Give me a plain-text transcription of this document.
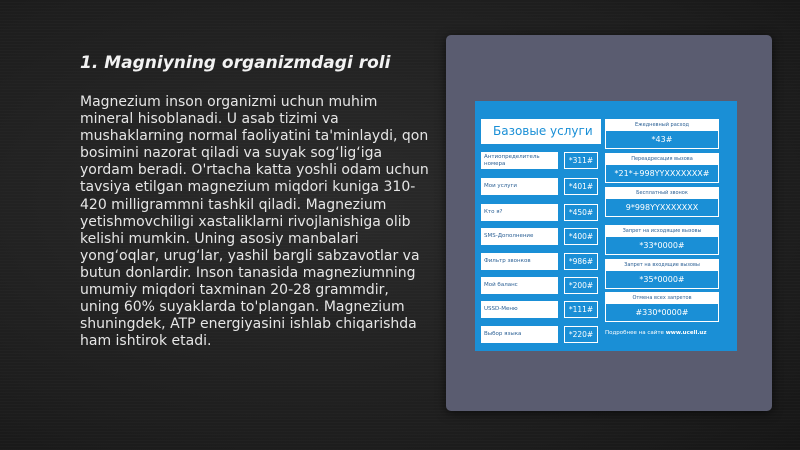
1. Magniyning organizmdagi roli

Magnezium inson organizmi uchun muhim mineral hisoblanadi. U asab tizimi va mushaklarning normal faoliyatini ta'minlaydi, qon bosimini nazorat qiladi va suyak sog‘lig‘iga yordam beradi. O'rtacha katta yoshli odam uchun tavsiya etilgan magnezium miqdori kuniga 310-420 milligrammni tashkil qiladi. Magnezium yetishmovchiligi xastaliklarni rivojlanishiga olib kelishi mumkin. Uning asosiy manbalari yong‘oqlar, urug‘lar, yashil bargli sabzavotlar va butun donlardir. Inson tanasida magneziumning umumiy miqdori taxminan 20-28 grammdir, uning 60% suyaklarda to'plangan. Magnezium shuningdek, ATP energiyasini ishlab chiqarishda ham ishtirok etadi.

Базовые услуги
Антиопределитель номера	*311#
Мои услуги	*401#
Кто я?	*450#
SMS-Дополнение	*400#
Фильтр звонков	*986#
Мой баланс	*200#
USSD-Меню	*111#
Выбор языка	*220#
Ежедневный расход
*43#
Переадресация вызова
*21*+998YYXXXXXXX#
Бесплатный звонок
9*998YYXXXXXXX
Запрет на исходящие вызовы
*33*0000#
Запрет на входящие вызовы
*35*0000#
Отмена всех запретов
#330*0000#
Подробнее на сайте www.ucell.uz
